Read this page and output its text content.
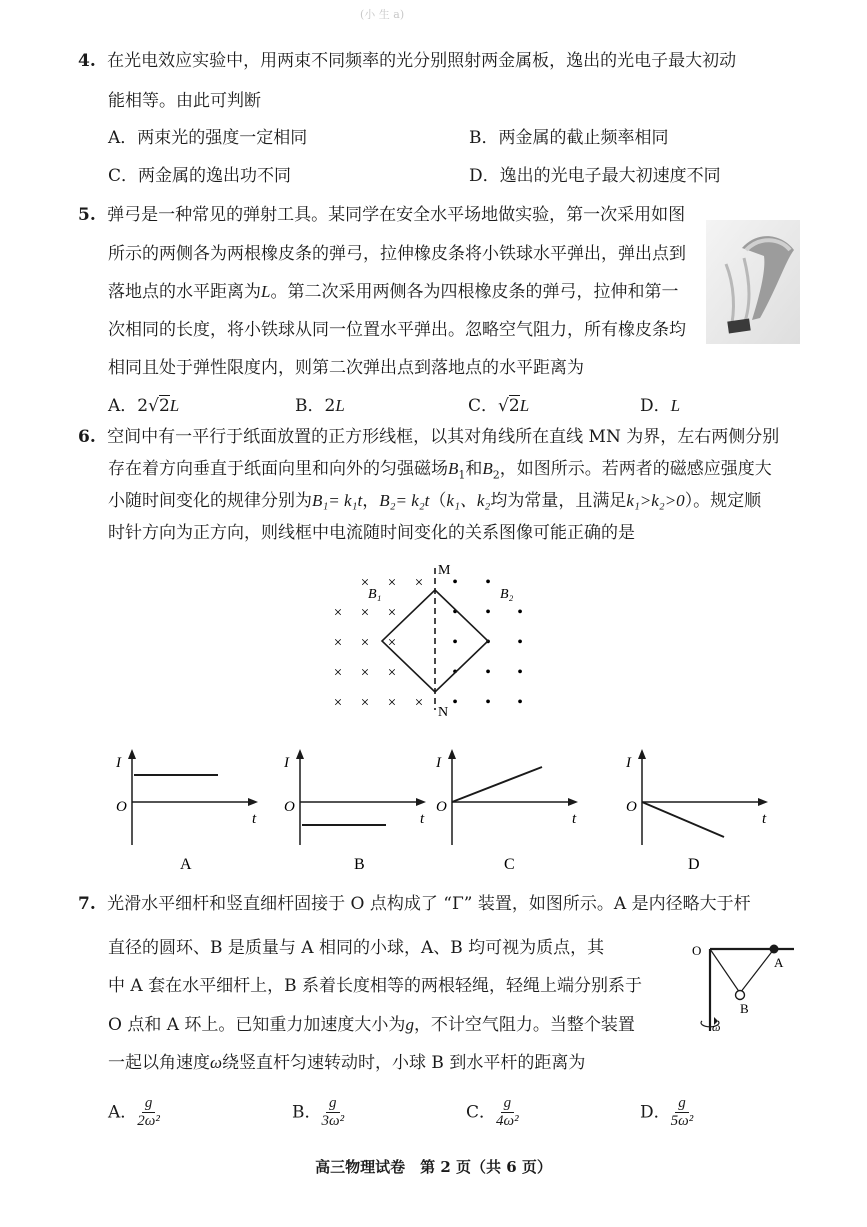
(小 生 a)
4. 在光电效应实验中，用两束不同频率的光分别照射两金属板，逸出的光电子最大初动
能相等。由此可判断
A．两束光的强度一定相同	B．两金属的截止频率相同
C．两金属的逸出功不同	D．逸出的光电子最大初速度不同
5. 弹弓是一种常见的弹射工具。某同学在安全水平场地做实验，第一次采用如图
所示的两侧各为两根橡皮条的弹弓，拉伸橡皮条将小铁球水平弹出，弹出点到
落地点的水平距离为L。第二次采用两侧各为四根橡皮条的弹弓，拉伸和第一
次相同的长度，将小铁球从同一位置水平弹出。忽略空气阻力，所有橡皮条均
相同且处于弹性限度内，则第二次弹出点到落地点的水平距离为
A．2√2L	B．2L	C．√2L	D．L
6. 空间中有一平行于纸面放置的正方形线框，以其对角线所在直线 MN 为界，左右两侧分别
存在着方向垂直于纸面向里和向外的匀强磁场$B_1$和$B_2$，如图所示。若两者的磁感应强度大
小随时间变化的规律分别为B₁= k₁t，B₂= k₂t（k₁、k₂均为常量，且满足k₁>k₂>0）。规定顺
时针方向为正方向，则线框中电流随时间变化的关系图像可能正确的是
× × × • •
× × ×	• • •
× × ×	• • •
× × ×	• • •
× × × × • • •
M
N
B₁	B₂
I
O
t
A
I
O
t
B
I
O
t
C
I
O
t
D
7. 光滑水平细杆和竖直细杆固接于 O 点构成了 “Γ” 装置，如图所示。A 是内径略大于杆
直径的圆环、B 是质量与 A 相同的小球，A、B 均可视为质点，其
中 A 套在水平细杆上，B 系着长度相等的两根轻绳，轻绳上端分别系于
O 点和 A 环上。已知重力加速度大小为g，不计空气阻力。当整个装置
一起以角速度ω绕竖直杆匀速转动时，小球 B 到水平杆的距离为
O
A
B
ω
A． $\frac{g}{\text{2ω²}}$	B． $\frac{g}{\text{3ω²}}$	C． $\frac{g}{\text{4ω²}}$	D． $\frac{g}{\text{5ω²}}$
高三物理试卷　第 2 页（共 6 页）
